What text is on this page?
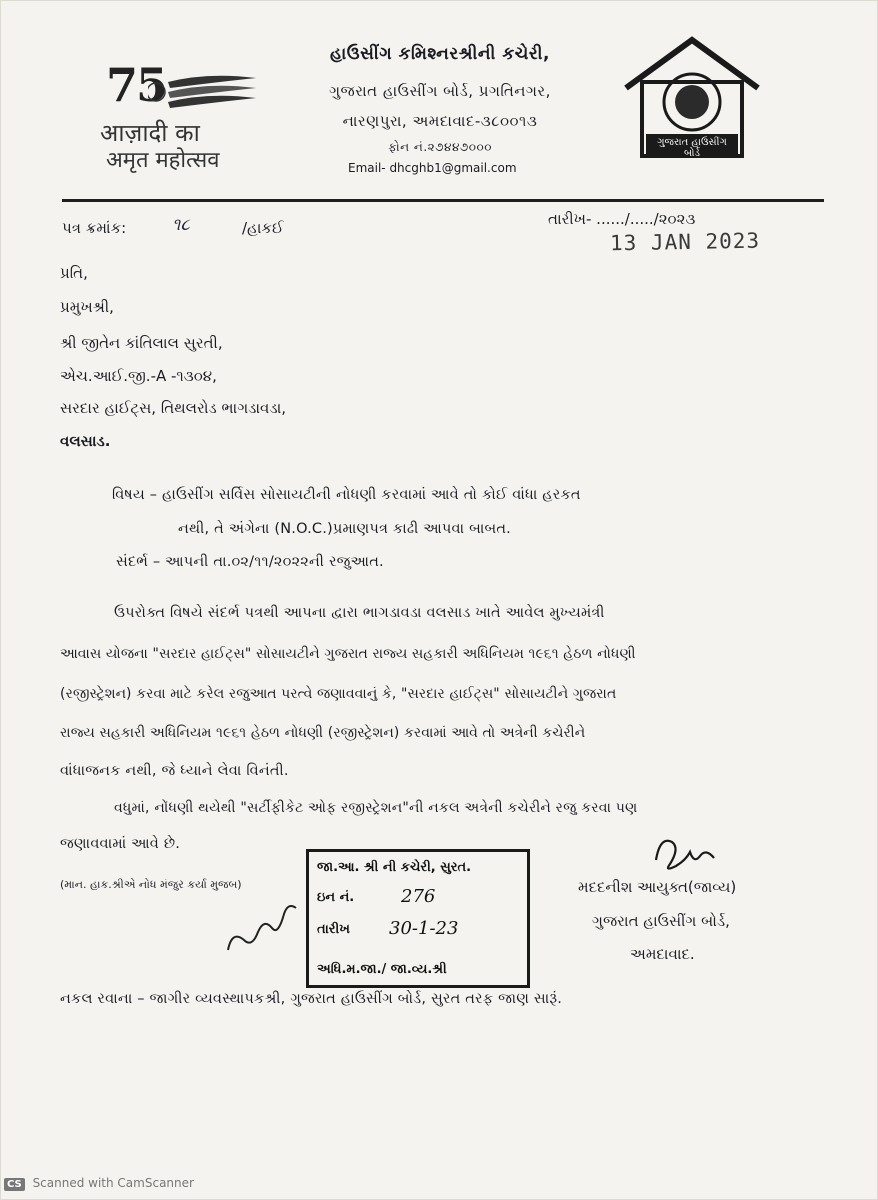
75
आज़ादी का
अमृत महोत्सव
હાઉસીંગ કમિશ્નરશ્રીની કચેરી,
ગુજરાત હાઉસીંગ બોર્ડ, પ્રગતિનગર,
નારણપુરા, અમદાવાદ-૩૮૦૦૧૩
ફોન નં.૨૭૪૪૭૦૦૦
Email- dhcghb1@gmail.com
ગુજરાત હાઉસીંગ બોર્ડ
પત્ર ક્રમાંક:	૧૮	/હાકઈ	તારીખ- ....../...../૨૦૨૩
13 JAN 2023
પ્રતિ,
પ્રમુખશ્રી,
શ્રી જીતેન કાંતિલાલ સુરતી,
એચ.આઈ.જી.-A -૧૩૦૪,
સરદાર હાઈટ્સ, તિથલરોડ ભાગડાવડા,
વલસાડ.
વિષય – હાઉસીંગ સર્વિસ સોસાયટીની નોધણી કરવામાં આવે તો કોઈ વાંધા હરકત
નથી, તે અંગેના (N.O.C.)પ્રમાણપત્ર કાઢી આપવા બાબત.
સંદર્ભ – આપની તા.૦૨/૧૧/૨૦૨૨ની રજુઆત.
ઉપરોક્ત વિષયે સંદર્ભ પત્રથી આપના દ્વારા ભાગડાવડા વલસાડ ખાતે આવેલ મુખ્યમંત્રી
આવાસ યોજના "સરદાર હાઈટ્સ" સોસાયટીને ગુજરાત રાજ્ય સહકારી અધિનિયમ ૧૯૬૧ હેઠળ નોધણી
(રજીસ્ટ્રેશન) કરવા માટે કરેલ રજુઆત પરત્વે જણાવવાનું કે, "સરદાર હાઈટ્સ" સોસાયટીને ગુજરાત
રાજ્ય સહકારી અધિનિયમ ૧૯૬૧ હેઠળ નોધણી (રજીસ્ટ્રેશન) કરવામાં આવે તો અત્રેની કચેરીને
વાંધાજનક નથી, જે ધ્યાને લેવા વિનંતી.
વધુમાં, નોંધણી થયેથી "સર્ટીફીકેટ ઓફ રજીસ્ટ્રેશન"ની નકલ અત્રેની કચેરીને રજુ કરવા પણ
જણાવવામાં આવે છે.
(માન. હાક.શ્રીએ નોધ મંજુર કર્યા મુજબ)
જા.આ. શ્રી ની કચેરી, સુરત.
ઇન નં.	276
તારીખ 30-1-23
અધિ.મ.જા./ જા.વ્ય.શ્રી
મદદનીશ આયુક્ત(જાવ્ય)
ગુજરાત હાઉસીંગ બોર્ડ,
અમદાવાદ.
નકલ રવાના – જાગીર વ્યવસ્થાપકશ્રી, ગુજરાત હાઉસીંગ બોર્ડ, સુરત તરફ જાણ સારૂં.
CS Scanned with CamScanner
